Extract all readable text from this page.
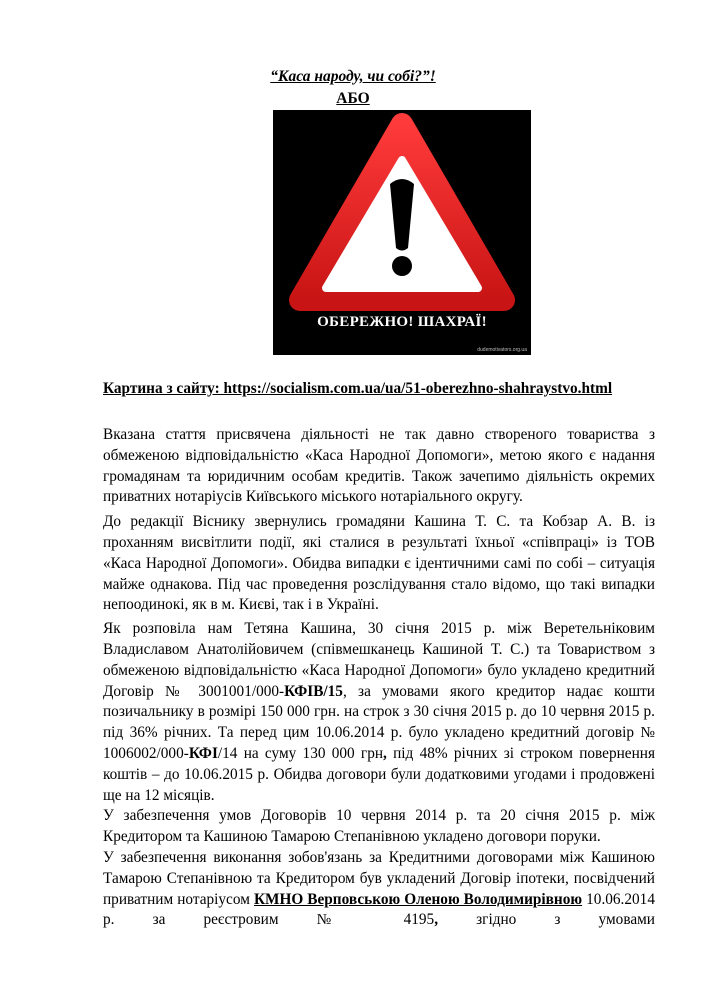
“Каса народу, чи собі?”!
АБО
ОБЕРЕЖНО! ШАХРАЇ!
dudemotivators.org.ua
Картина з сайту: https://socialism.com.ua/ua/51-oberezhno-shahraystvo.html

Вказана стаття присвячена діяльності не так давно створеного товариства з обмеженою відповідальністю «Каса Народної Допомоги», метою якого є надання громадянам та юридичним особам кредитів. Також зачепимо діяльність окремих приватних нотаріусів Київського міського нотаріального округу.

До редакції Віснику звернулись громадяни Кашина Т. С. та Кобзар А. В. із проханням висвітлити події, які сталися в результаті їхньої «співпраці» із ТОВ «Каса Народної Допомоги». Обидва випадки є ідентичними самі по собі – ситуація майже однакова. Під час проведення розслідування стало відомо, що такі випадки непоодинокі, як в м. Києві, так і в Україні.

Як розповіла нам Тетяна Кашина, 30 січня 2015 р. між Веретельніковим Владиславом Анатолійовичем (співмешканець Кашиной Т. С.) та Товариством з обмеженою відповідальністю «Каса Народної Допомоги» було укладено кредитний Договір № 3001001/000-КФІВ/15, за умовами якого кредитор надає кошти позичальнику в розмірі 150 000 грн. на строк з 30 січня 2015 р. до 10 червня 2015 р. під 36% річних. Та перед цим 10.06.2014 р. було укладено кредитний договір № 1006002/000-КФІ/14 на суму 130 000 грн, під 48% річних зі строком повернення коштів – до 10.06.2015 р. Обидва договори були додатковими угодами і продовжені ще на 12 місяців.

У забезпечення умов Договорів 10 червня 2014 р. та 20 січня 2015 р. між Кредитором та Кашиною Тамарою Степанівною укладено договори поруки.

У забезпечення виконання зобов'язань за Кредитними договорами між Кашиною Тамарою Степанівною та Кредитором був укладений Договір іпотеки, посвідчений приватним нотаріусом КМНО Верповською Оленою Володимирівною 10.06.2014 р. за реєстровим № 4195, згідно з умовами
